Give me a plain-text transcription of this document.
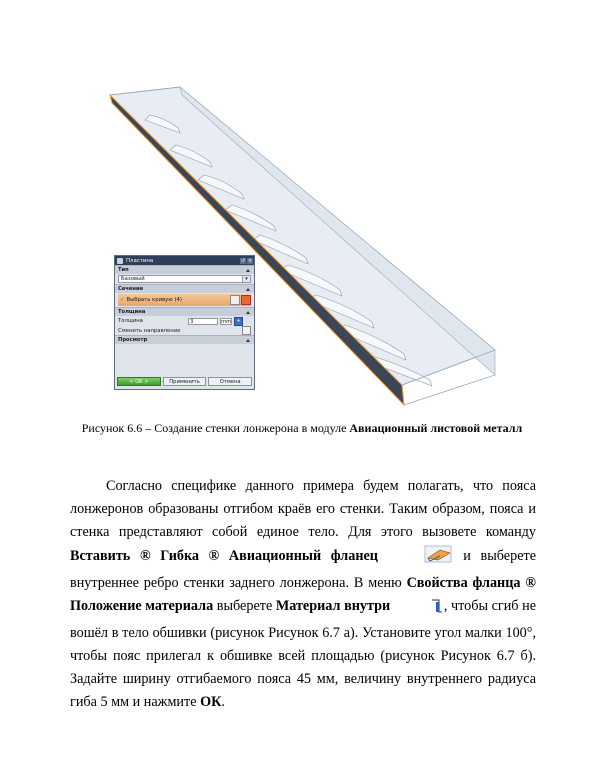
Пластина	↺ ×
Тип
Базовый	▾
Сечение
✓ Выбрать кривую (4)
Толщина
Толщина	3	mm	+
Сменить направление
Просмотр
< OK >	Применить	Отмена
Рисунок 6.6 – Создание стенки лонжерона в модуле Авиационный листовой металл
Согласно специфике данного примера будем полагать, что пояса лонжеронов образованы отгибом краёв его стенки. Таким образом, пояса и стенка представляют собой единое тело. Для этого вызовете команду Вставить ® Гибка ® Авиационный фланец	и выберете внутреннее ребро стенки заднего лонжерона. В меню Свойства фланца ® Положение материала выберете Материал внутри	, чтобы сгиб не вошёл в тело обшивки (рисунок Рисунок 6.7 а). Установите угол малки 100°, чтобы пояс прилегал к обшивке всей площадью (рисунок Рисунок 6.7 б). Задайте ширину отгибаемого пояса 45 мм, величину внутреннего радиуса гиба 5 мм и нажмите ОК.
